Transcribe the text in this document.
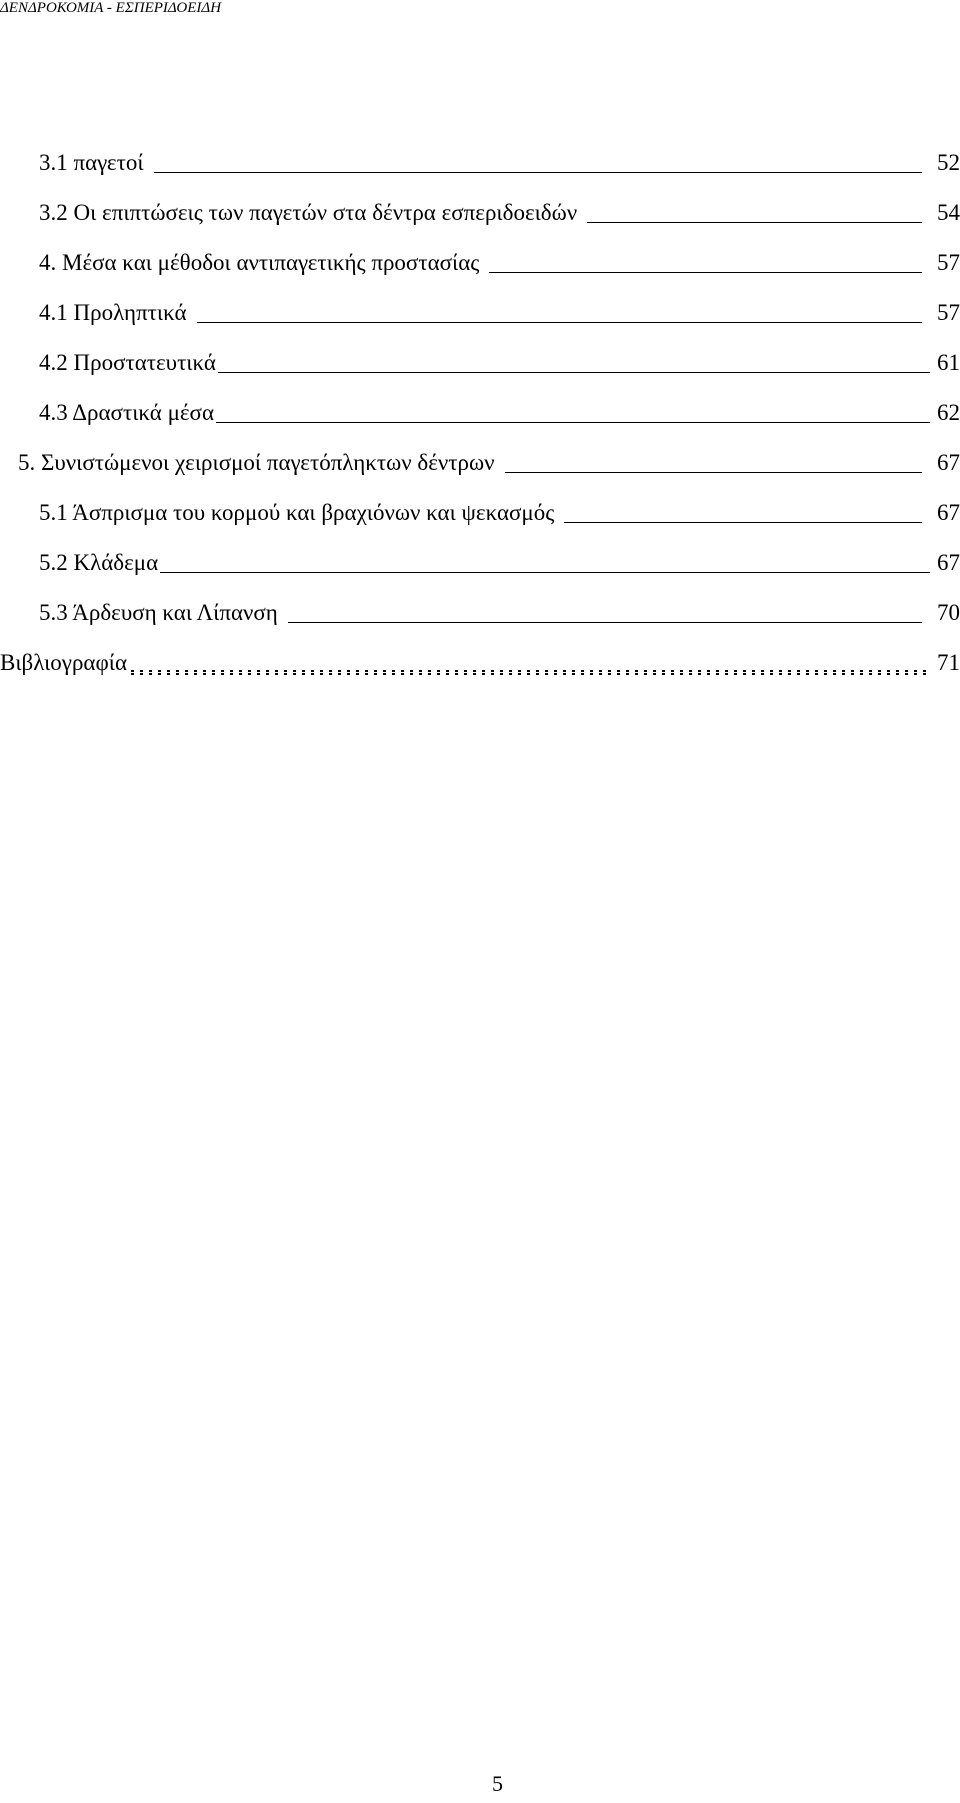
ΔΕΝΔΡΟΚΟΜΙΑ - ΕΣΠΕΡΙΔΟΕΙΔΗ
3.1 παγετοί	52
3.2 Οι επιπτώσεις των παγετών στα δέντρα εσπεριδοειδών	54
4. Μέσα και μέθοδοι αντιπαγετικής προστασίας	57
4.1 Προληπτικά	57
4.2 Προστατευτικά	61
4.3 Δραστικά μέσα	62
5. Συνιστώμενοι χειρισμοί παγετόπληκτων δέντρων	67
5.1 Άσπρισμα του κορμού και βραχιόνων και ψεκασμός	67
5.2 Κλάδεμα	67
5.3 Άρδευση και Λίπανση	70
Βιβλιογραφία	71
5
